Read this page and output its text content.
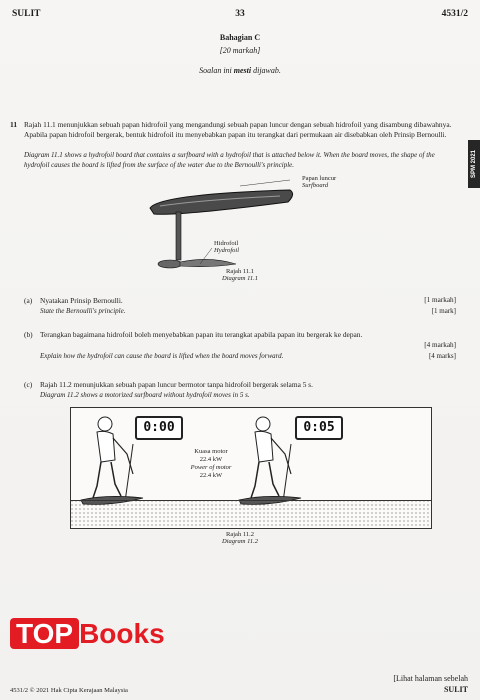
SULIT	33	4531/2
Bahagian C
[20 markah]
Soalan ini mesti dijawab.
11 Rajah 11.1 menunjukkan sebuah papan hidrofoil yang mengandungi sebuah papan luncur dengan sebuah hidrofoil yang disambung dibawahnya. Apabila papan hidrofoil bergerak, bentuk hidrofoil itu menyebabkan papan itu terangkat dari permukaan air disebabkan oleh Prinsip Bernoulli.
Diagram 11.1 shows a hydrofoil board that contains a surfboard with a hydrofoil that is attached below it. When the board moves, the shape of the hydrofoil causes the board is lifted from the surface of the water due to the Bernoulli's principle.	SPM 2021
Papan luncur
Surfboard
Hidrofoil
Hydrofoil
Rajah 11.1
Diagram 11.1
(a) Nyatakan Prinsip Bernoulli.	[1 markah]
State the Bernoulli's principle.	[1 mark]
(b) Terangkan bagaimana hidrofoil boleh menyebabkan papan itu terangkat apabila papan itu bergerak ke depan.
[4 markah]
Explain how the hydrofoil can cause the board is lifted when the board moves forward.	[4 marks]
(c) Rajah 11.2 menunjukkan sebuah papan luncur bermotor tanpa hidrofoil bergerak selama 5 s.
Diagram 11.2 shows a motorized surfboard without hydrofoil moves in 5 s.
0:00	0:05
Kuasa motor
22.4 kW
Power of motor
22.4 kW
Rajah 11.2
Diagram 11.2
TOP Books
4531/2 © 2021 Hak Cipta Kerajaan Malaysia
[Lihat halaman sebelah
SULIT
